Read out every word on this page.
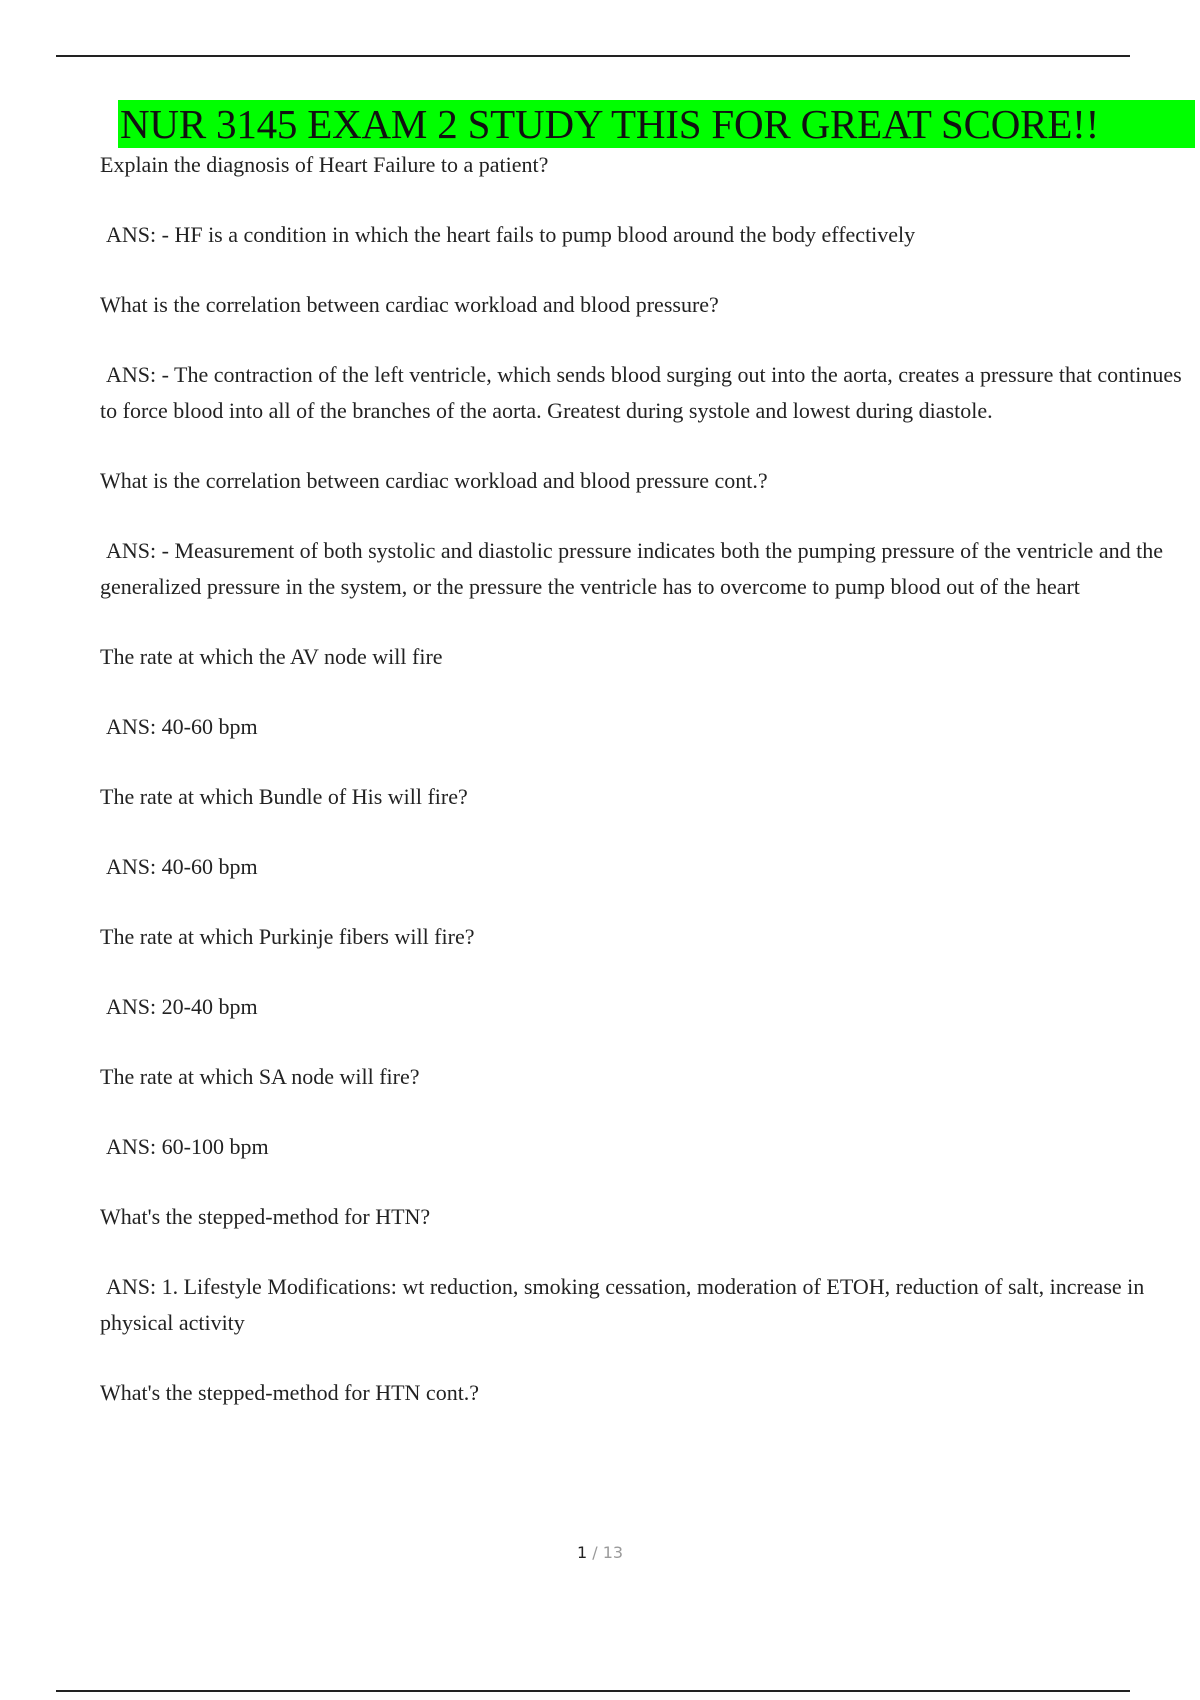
NUR 3145 EXAM 2 STUDY THIS FOR GREAT SCORE!!

Explain the diagnosis of Heart Failure to a patient?

ANS: - HF is a condition in which the heart fails to pump blood around the body effectively

What is the correlation between cardiac workload and blood pressure?

ANS: - The contraction of the left ventricle, which sends blood surging out into the aorta, creates a pressure that continues to force blood into all of the branches of the aorta. Greatest during systole and lowest during diastole.

What is the correlation between cardiac workload and blood pressure cont.?

ANS: - Measurement of both systolic and diastolic pressure indicates both the pumping pressure of the ventricle and the generalized pressure in the system, or the pressure the ventricle has to overcome to pump blood out of the heart

The rate at which the AV node will fire

ANS: 40-60 bpm

The rate at which Bundle of His will fire?

ANS: 40-60 bpm

The rate at which Purkinje fibers will fire?

ANS: 20-40 bpm

The rate at which SA node will fire?

ANS: 60-100 bpm

What's the stepped-method for HTN?

ANS: 1. Lifestyle Modifications: wt reduction, smoking cessation, moderation of ETOH, reduction of salt, increase in physical activity

What's the stepped-method for HTN cont.?

1 / 13
